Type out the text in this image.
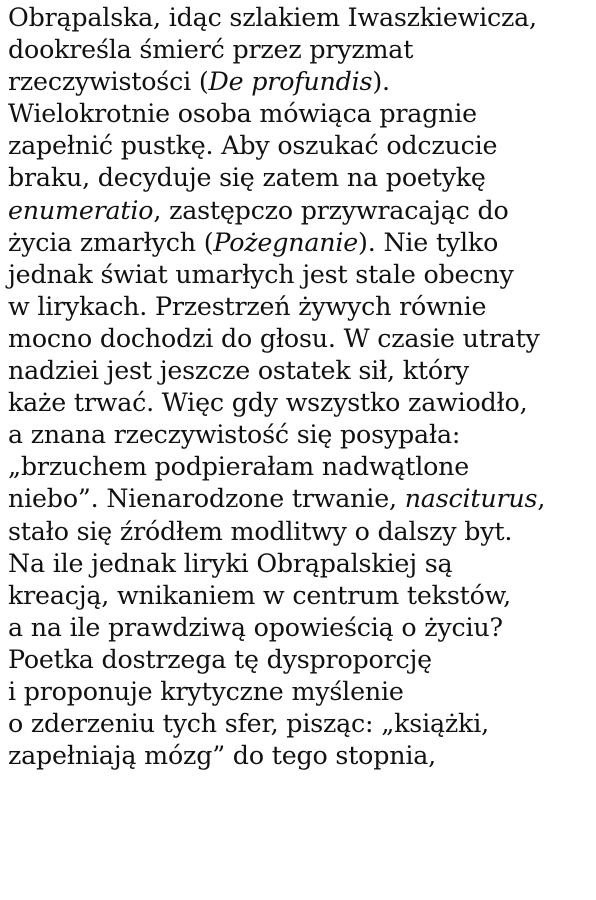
Obrąpalska, idąc szlakiem Iwaszkiewicza,
dookreśla śmierć przez pryzmat
rzeczywistości (De profundis).
Wielokrotnie osoba mówiąca pragnie
zapełnić pustkę. Aby oszukać odczucie
braku, decyduje się zatem na poetykę
enumeratio, zastępczo przywracając do
życia zmarłych (Pożegnanie). Nie tylko
jednak świat umarłych jest stale obecny
w lirykach. Przestrzeń żywych równie
mocno dochodzi do głosu. W czasie utraty
nadziei jest jeszcze ostatek sił, który
każe trwać. Więc gdy wszystko zawiodło,
a znana rzeczywistość się posypała:
„brzuchem podpierałam nadwątlone
niebo”. Nienarodzone trwanie, nasciturus,
stało się źródłem modlitwy o dalszy byt.
Na ile jednak liryki Obrąpalskiej są
kreacją, wnikaniem w centrum tekstów,
a na ile prawdziwą opowieścią o życiu?
Poetka dostrzega tę dysproporcję
i proponuje krytyczne myślenie
o zderzeniu tych sfer, pisząc: „książki,
zapełniają mózg” do tego stopnia,
